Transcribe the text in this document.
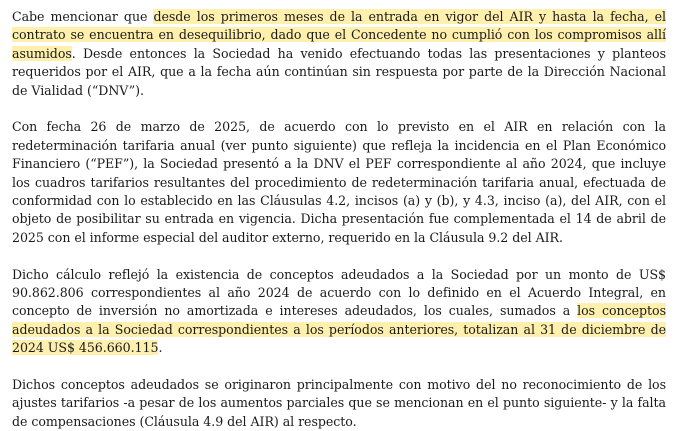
Cabe mencionar que desde los primeros meses de la entrada en vigor del AIR y hasta la fecha, el contrato se encuentra en desequilibrio, dado que el Concedente no cumplió con los compromisos allí asumidos. Desde entonces la Sociedad ha venido efectuando todas las presentaciones y planteos requeridos por el AIR, que a la fecha aún continúan sin respuesta por parte de la Dirección Nacional de Vialidad (“DNV”).

Con fecha 26 de marzo de 2025, de acuerdo con lo previsto en el AIR en relación con la redeterminación tarifaria anual (ver punto siguiente) que refleja la incidencia en el Plan Económico Financiero (“PEF”), la Sociedad presentó a la DNV el PEF correspondiente al año 2024, que incluye los cuadros tarifarios resultantes del procedimiento de redeterminación tarifaria anual, efectuada de conformidad con lo establecido en las Cláusulas 4.2, incisos (a) y (b), y 4.3, inciso (a), del AIR, con el objeto de posibilitar su entrada en vigencia. Dicha presentación fue complementada el 14 de abril de 2025 con el informe especial del auditor externo, requerido en la Cláusula 9.2 del AIR.

Dicho cálculo reflejó la existencia de conceptos adeudados a la Sociedad por un monto de US$ 90.862.806 correspondientes al año 2024 de acuerdo con lo definido en el Acuerdo Integral, en concepto de inversión no amortizada e intereses adeudados, los cuales, sumados a los conceptos adeudados a la Sociedad correspondientes a los períodos anteriores, totalizan al 31 de diciembre de 2024 US$ 456.660.115.

Dichos conceptos adeudados se originaron principalmente con motivo del no reconocimiento de los ajustes tarifarios -a pesar de los aumentos parciales que se mencionan en el punto siguiente- y la falta de compensaciones (Cláusula 4.9 del AIR) al respecto.
